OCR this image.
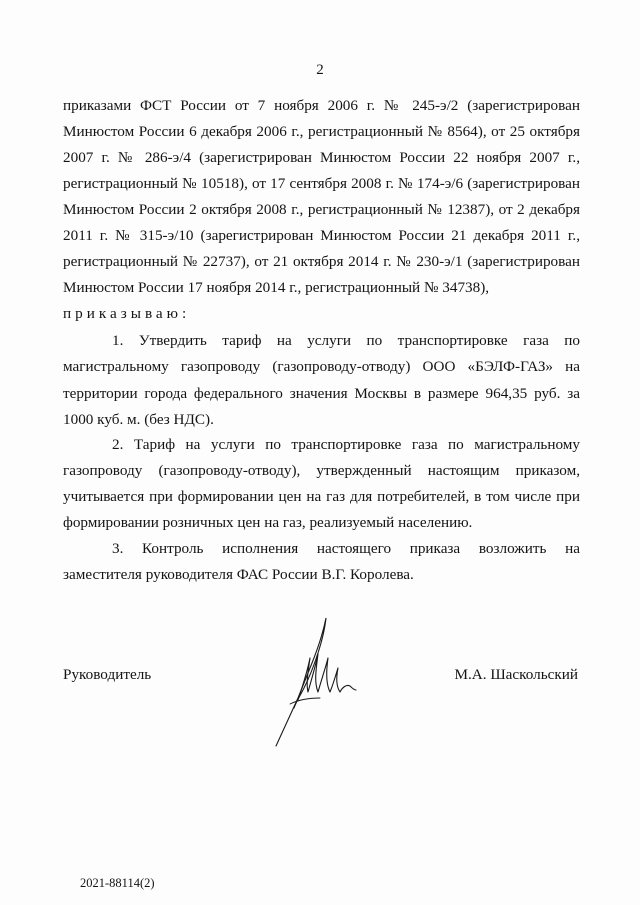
2
приказами ФСТ России от 7 ноября 2006 г. № 245-э/2 (зарегистрирован
Минюстом России 6 декабря 2006 г., регистрационный № 8564), от 25 октября
2007 г. № 286-э/4 (зарегистрирован Минюстом России 22 ноября 2007 г.,
регистрационный № 10518), от 17 сентября 2008 г. № 174-э/6 (зарегистрирован
Минюстом России 2 октября 2008 г., регистрационный № 12387), от 2 декабря
2011 г. № 315-э/10 (зарегистрирован Минюстом России 21 декабря 2011 г.,
регистрационный № 22737), от 21 октября 2014 г. № 230-э/1 (зарегистрирован
Минюстом России 17 ноября 2014 г., регистрационный № 34738),
приказываю:
1. Утвердить тариф на услуги по транспортировке газа по
магистральному газопроводу (газопроводу-отводу) ООО «БЭЛФ-ГАЗ» на
территории города федерального значения Москвы в размере 964,35 руб. за
1000 куб. м. (без НДС).
2. Тариф на услуги по транспортировке газа по магистральному
газопроводу (газопроводу-отводу), утвержденный настоящим приказом,
учитывается при формировании цен на газ для потребителей, в том числе при
формировании розничных цен на газ, реализуемый населению.
3. Контроль исполнения настоящего приказа возложить на
заместителя руководителя ФАС России В.Г. Королева.
Руководитель	М.А. Шаскольский
2021-88114(2)
